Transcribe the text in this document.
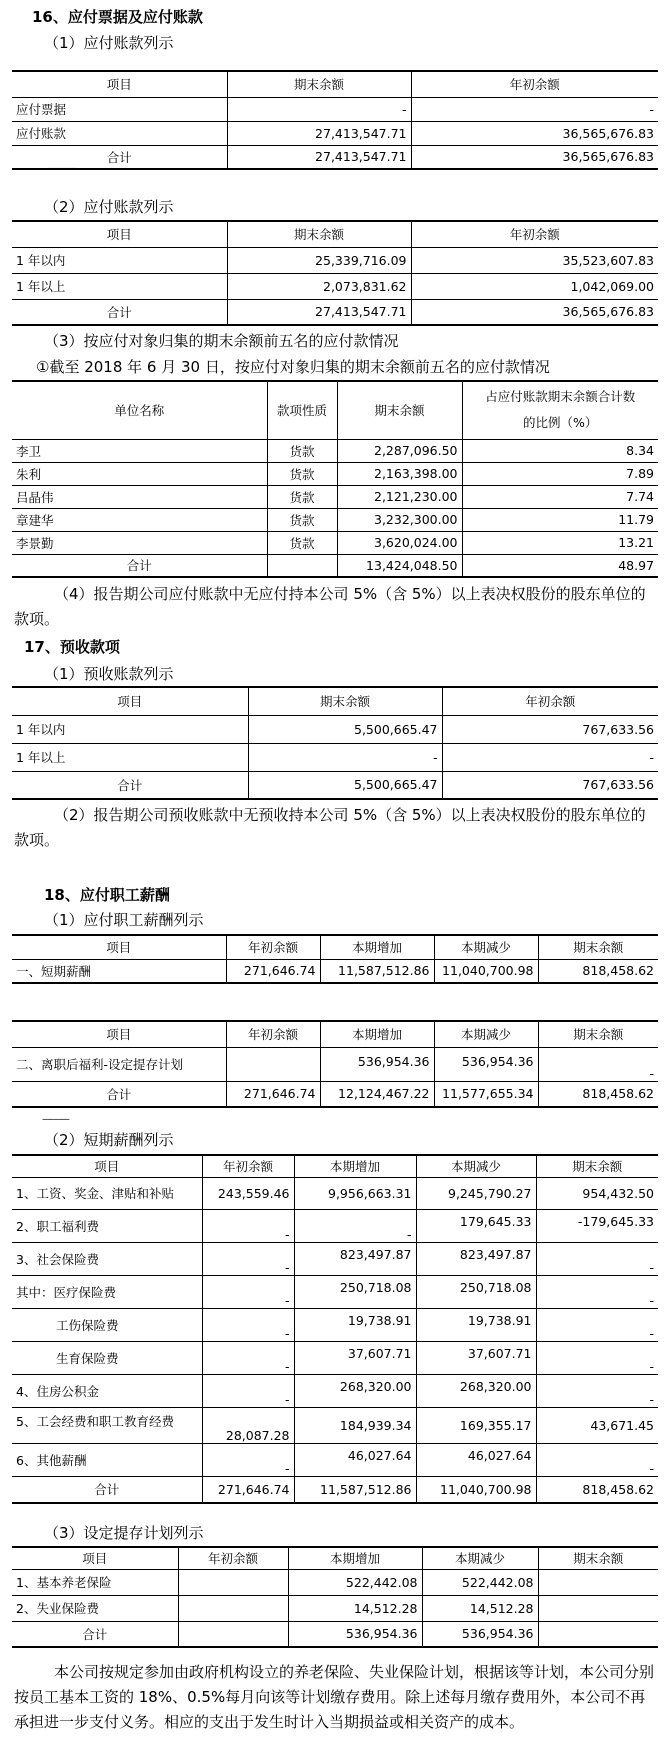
16、应付票据及应付账款
（1）应付账款列示
项目	期末余额	年初余额
应付票据	-	-
应付账款	27,413,547.71	36,565,676.83
合计	27,413,547.71	36,565,676.83
‒‒‒‒‒
（2）应付账款列示
项目	期末余额	年初余额
1 年以内	25,339,716.09	35,523,607.83
1 年以上	2,073,831.62	1,042,069.00
合计	27,413,547.71	36,565,676.83
（3）按应付对象归集的期末余额前五名的应付款情况
①截至 2018 年 6 月 30 日，按应付对象归集的期末余额前五名的应付款情况
单位名称	款项性质	期末余额	占应付账款期末余额合计数
的比例（%）

李卫	货款	2,287,096.50	8.34
朱利	货款	2,163,398.00	7.89
吕晶伟	货款	2,121,230.00	7.74
章建华	货款	3,232,300.00	11.79
李景勤	货款	3,620,024.00	13.21
合计		13,424,048.50	48.97
（4）报告期公司应付账款中无应付持本公司 5%（含 5%）以上表决权股份的股东单位的款项。
17、预收款项
（1）预收账款列示
项目	期末余额	年初余额
1 年以内	5,500,665.47	767,633.56
1 年以上	-	-
合计	5,500,665.47	767,633.56
（2）报告期公司预收账款中无预收持本公司 5%（含 5%）以上表决权股份的股东单位的款项。
18、应付职工薪酬
（1）应付职工薪酬列示
项目	年初余额	本期增加	本期减少	期末余额
一、短期薪酬	271,646.74	11,587,512.86	11,040,700.98	818,458.62
项目	年初余额	本期增加	本期减少	期末余额
二、离职后福利-设定提存计划		536,954.36	536,954.36	-
合计	271,646.74	12,124,467.22	11,577,655.34	818,458.62
‒‒‒‒‒
（2）短期薪酬列示
项目	年初余额	本期增加	本期减少	期末余额
1、工资、奖金、津贴和补贴	243,559.46	9,956,663.31	9,245,790.27	954,432.50
2、职工福利费	-	-	179,645.33	-179,645.33
3、社会保险费	-	823,497.87	823,497.87	-
其中：医疗保险费	-	250,718.08	250,718.08	-
工伤保险费	-	19,738.91	19,738.91	-
生育保险费	-	37,607.71	37,607.71	-
4、住房公积金	-	268,320.00	268,320.00	-
5、工会经费和职工教育经费	28,087.28	184,939.34	169,355.17	43,671.45
6、其他薪酬	-	46,027.64	46,027.64	-
合计	271,646.74	11,587,512.86	11,040,700.98	818,458.62
（3）设定提存计划列示
项目	年初余额	本期增加	本期减少	期末余额
1、基本养老保险		522,442.08	522,442.08	
2、失业保险费		14,512.28	14,512.28	
合计		536,954.36	536,954.36	
本公司按规定参加由政府机构设立的养老保险、失业保险计划，根据该等计划，本公司分别按员工基本工资的 18%、0.5%每月向该等计划缴存费用。除上述每月缴存费用外，本公司不再承担进一步支付义务。相应的支出于发生时计入当期损益或相关资产的成本。
